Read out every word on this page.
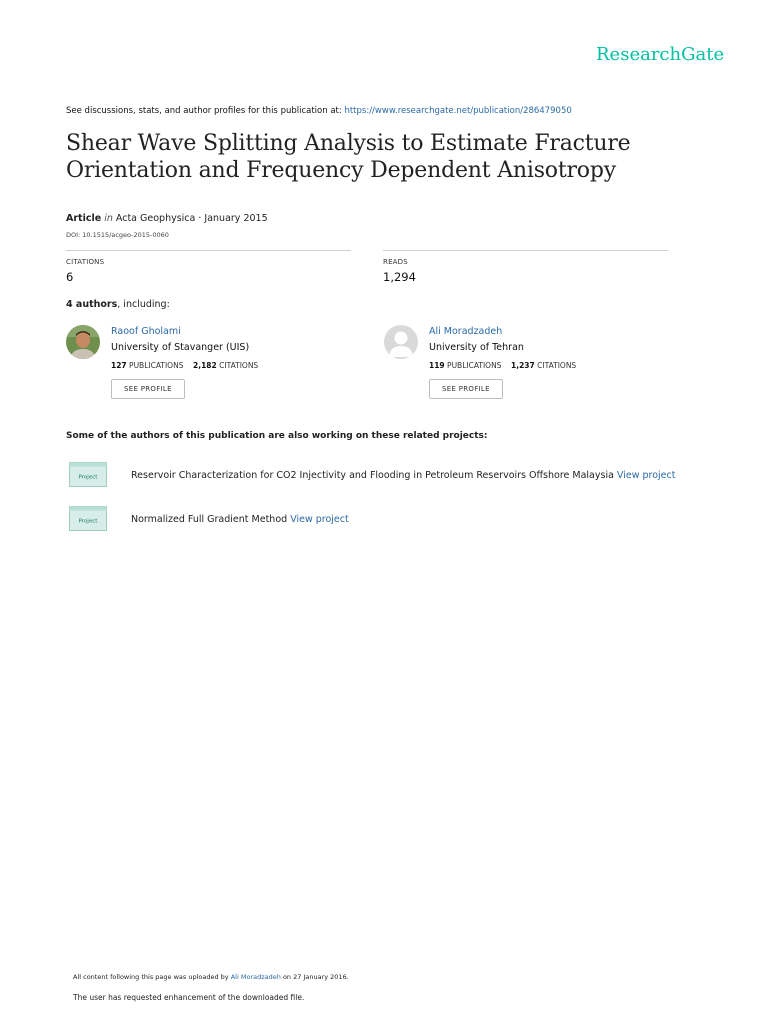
ResearchGate
See discussions, stats, and author profiles for this publication at: https://www.researchgate.net/publication/286479050
Shear Wave Splitting Analysis to Estimate Fracture
Orientation and Frequency Dependent Anisotropy
Article in Acta Geophysica · January 2015
DOI: 10.1515/acgeo-2015-0060
CITATIONS
6
READS
1,294
4 authors, including:
Raoof Gholami
University of Stavanger (UIS)
127 PUBLICATIONS 2,182 CITATIONS
SEE PROFILE
Ali Moradzadeh
University of Tehran
119 PUBLICATIONS 1,237 CITATIONS
SEE PROFILE
Some of the authors of this publication are also working on these related projects:
Project	Reservoir Characterization for CO2 Injectivity and Flooding in Petroleum Reservoirs Offshore Malaysia View project
Project	Normalized Full Gradient Method View project
All content following this page was uploaded by Ali Moradzadeh on 27 January 2016.
The user has requested enhancement of the downloaded file.
